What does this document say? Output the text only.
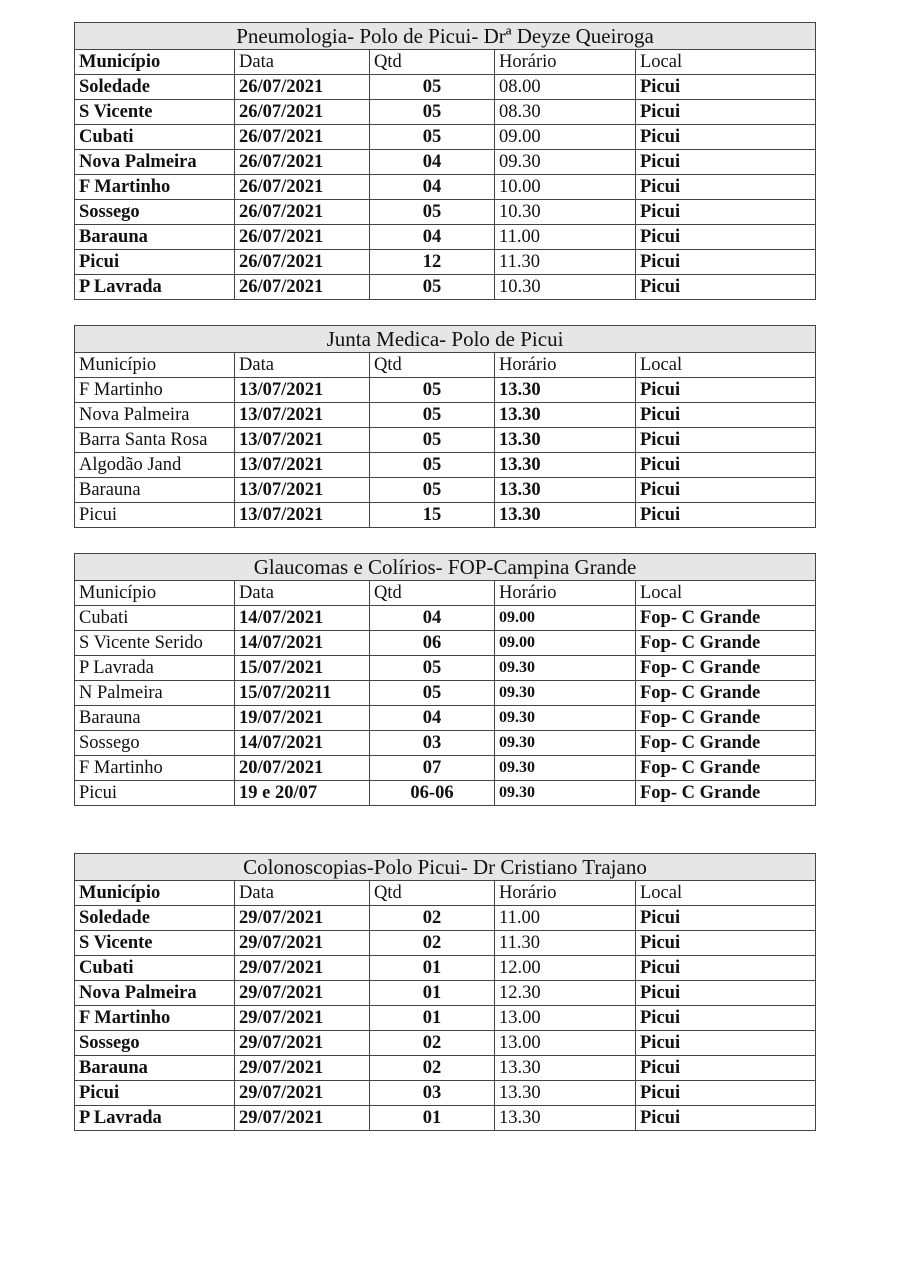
Pneumologia- Polo de Picui- Drª Deyze Queiroga				
Município	Data	Qtd	Horário	Local
Soledade	26/07/2021	05	08.00	Picui
S Vicente	26/07/2021	05	08.30	Picui
Cubati	26/07/2021	05	09.00	Picui
Nova Palmeira	26/07/2021	04	09.30	Picui
F Martinho	26/07/2021	04	10.00	Picui
Sossego	26/07/2021	05	10.30	Picui
Barauna	26/07/2021	04	11.00	Picui
Picui	26/07/2021	12	11.30	Picui
P Lavrada	26/07/2021	05	10.30	Picui
Junta Medica- Polo de Picui				
Município	Data	Qtd	Horário	Local
F Martinho	13/07/2021	05	13.30	Picui
Nova Palmeira	13/07/2021	05	13.30	Picui
Barra Santa Rosa	13/07/2021	05	13.30	Picui
Algodão Jand	13/07/2021	05	13.30	Picui
Barauna	13/07/2021	05	13.30	Picui
Picui	13/07/2021	15	13.30	Picui
Glaucomas e Colírios- FOP-Campina Grande				
Município	Data	Qtd	Horário	Local
Cubati	14/07/2021	04	09.00	Fop- C Grande
S Vicente Serido	14/07/2021	06	09.00	Fop- C Grande
P Lavrada	15/07/2021	05	09.30	Fop- C Grande
N Palmeira	15/07/20211	05	09.30	Fop- C Grande
Barauna	19/07/2021	04	09.30	Fop- C Grande
Sossego	14/07/2021	03	09.30	Fop- C Grande
F Martinho	20/07/2021	07	09.30	Fop- C Grande
Picui	19 e 20/07	06-06	09.30	Fop- C Grande
Colonoscopias-Polo Picui- Dr Cristiano Trajano				
Município	Data	Qtd	Horário	Local
Soledade	29/07/2021	02	11.00	Picui
S Vicente	29/07/2021	02	11.30	Picui
Cubati	29/07/2021	01	12.00	Picui
Nova Palmeira	29/07/2021	01	12.30	Picui
F Martinho	29/07/2021	01	13.00	Picui
Sossego	29/07/2021	02	13.00	Picui
Barauna	29/07/2021	02	13.30	Picui
Picui	29/07/2021	03	13.30	Picui
P Lavrada	29/07/2021	01	13.30	Picui
